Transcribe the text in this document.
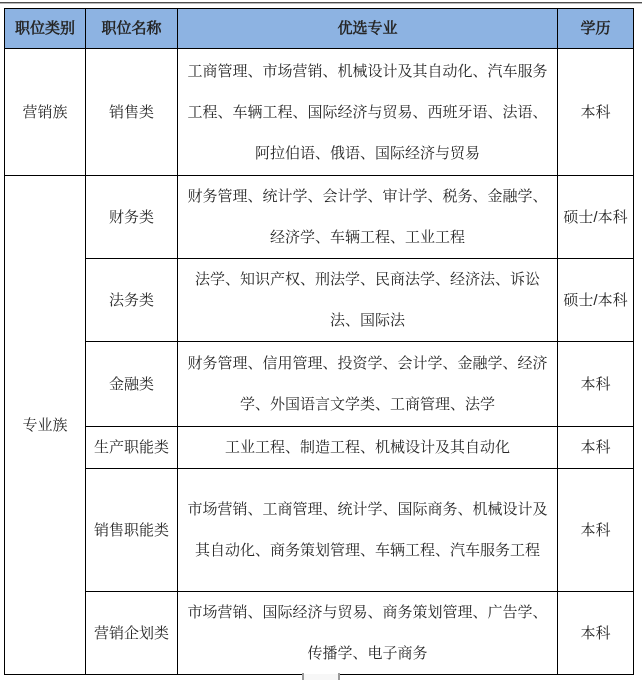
职位类别	职位名称	优选专业	学历
营销族	销售类	工商管理、市场营销、机械设计及其自动化、汽车服务工程、车辆工程、国际经济与贸易、西班牙语、法语、阿拉伯语、俄语、国际经济与贸易	本科
专业族	财务类	财务管理、统计学、会计学、审计学、税务、金融学、经济学、车辆工程、工业工程	硕士/本科
	法务类	法学、知识产权、刑法学、民商法学、经济法、诉讼法、国际法	硕士/本科
	金融类	财务管理、信用管理、投资学、会计学、金融学、经济学、外国语言文学类、工商管理、法学	本科
	生产职能类	工业工程、制造工程、机械设计及其自动化	本科
	销售职能类	市场营销、工商管理、统计学、国际商务、机械设计及其自动化、商务策划管理、车辆工程、汽车服务工程	本科
	营销企划类	市场营销、国际经济与贸易、商务策划管理、广告学、传播学、电子商务	本科
